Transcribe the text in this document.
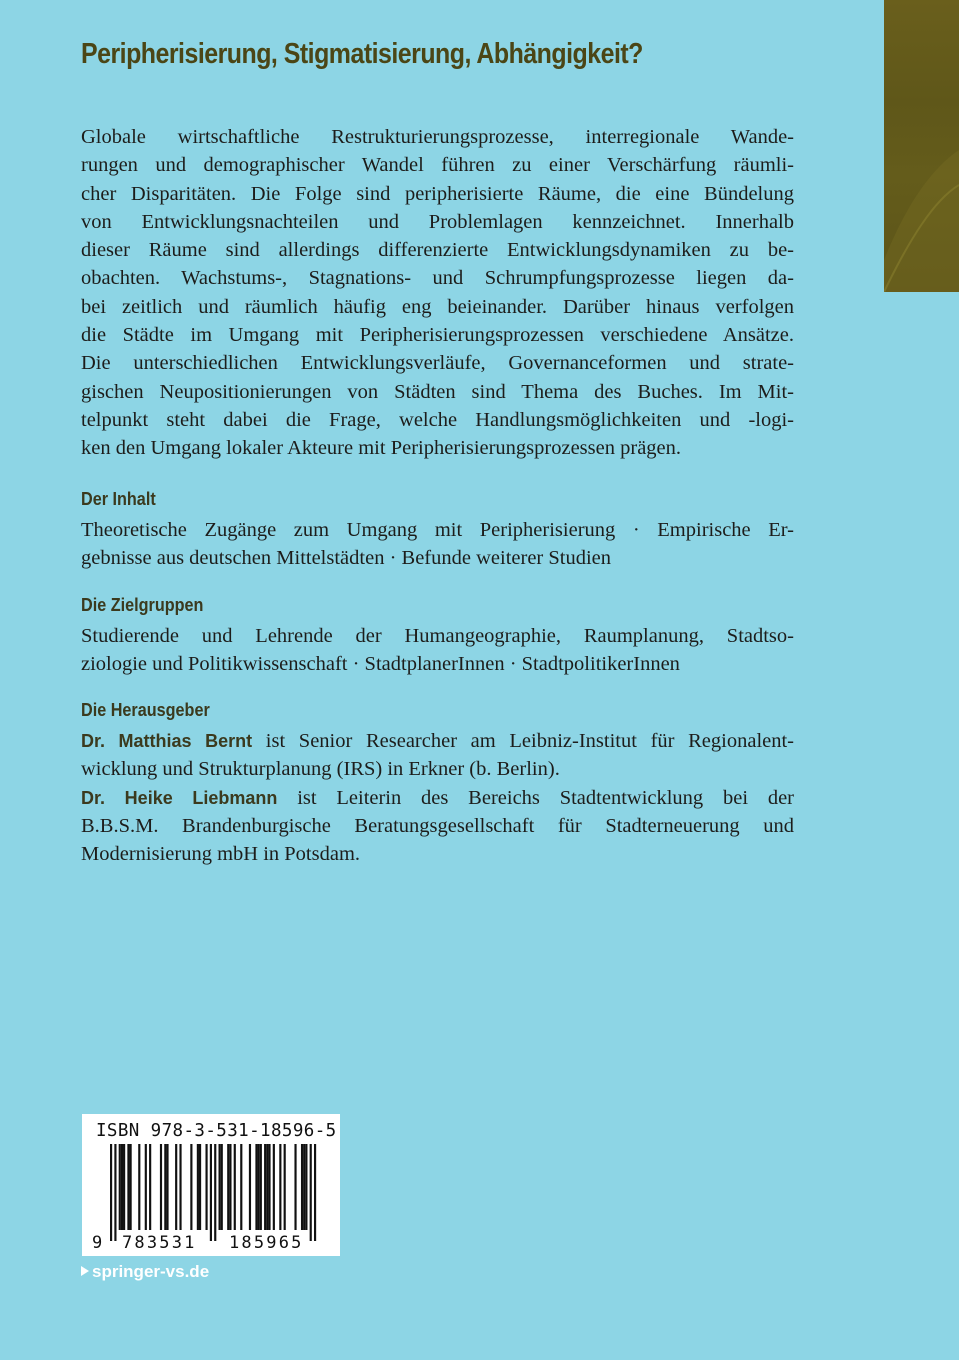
Peripherisierung, Stigmatisierung, Abhängigkeit?
Globale wirtschaftliche Restrukturierungsprozesse, interregionale Wande-
rungen und demographischer Wandel führen zu einer Verschärfung räumli-
cher Disparitäten. Die Folge sind peripherisierte Räume, die eine Bündelung
von Entwicklungsnachteilen und Problemlagen kennzeichnet. Innerhalb
dieser Räume sind allerdings differenzierte Entwicklungsdynamiken zu be-
obachten. Wachstums-, Stagnations- und Schrumpfungsprozesse liegen da-
bei zeitlich und räumlich häufig eng beieinander. Darüber hinaus verfolgen
die Städte im Umgang mit Peripherisierungsprozessen verschiedene Ansätze.
Die unterschiedlichen Entwicklungsverläufe, Governanceformen und strate-
gischen Neupositionierungen von Städten sind Thema des Buches. Im Mit-
telpunkt steht dabei die Frage, welche Handlungsmöglichkeiten und -logi-
ken den Umgang lokaler Akteure mit Peripherisierungsprozessen prägen.
Der Inhalt
Theoretische Zugänge zum Umgang mit Peripherisierung · Empirische Er-
gebnisse aus deutschen Mittelstädten · Befunde weiterer Studien
Die Zielgruppen
Studierende und Lehrende der Humangeographie, Raumplanung, Stadtso-
ziologie und Politikwissenschaft · StadtplanerInnen · StadtpolitikerInnen
Die Herausgeber
Dr. Matthias Bernt ist Senior Researcher am Leibniz-Institut für Regionalent-
wicklung und Strukturplanung (IRS) in Erkner (b. Berlin).
Dr. Heike Liebmann ist Leiterin des Bereichs Stadtentwicklung bei der
B.B.S.M. Brandenburgische Beratungsgesellschaft für Stadterneuerung und
Modernisierung mbH in Potsdam.
ISBN 978-3-531-18596-5
9 783531 185965
springer-vs.de
